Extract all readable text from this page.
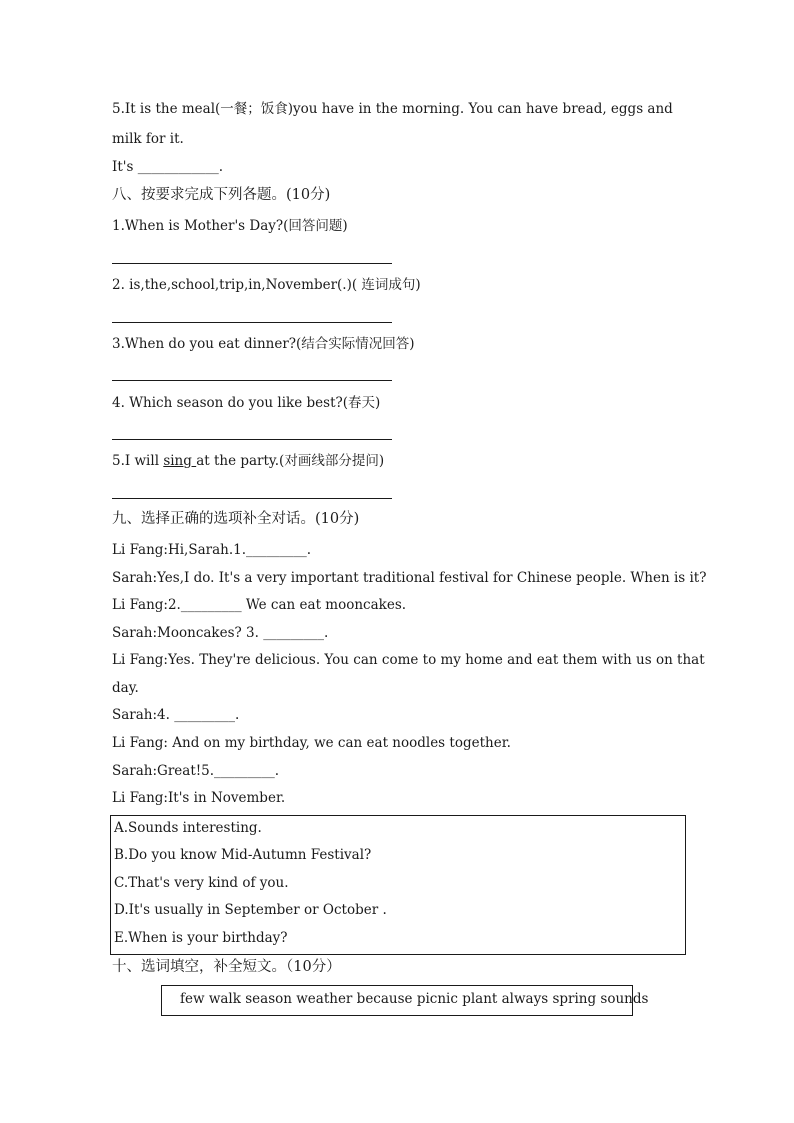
5.It is the meal(一餐；饭食)you have in the morning. You can have bread, eggs and
milk for it.
It's ____________.
八、按要求完成下列各题。(10分)
1.When is Mother's Day?(回答问题)
2. is,the,school,trip,in,November(.)( 连词成句)
3.When do you eat dinner?(结合实际情况回答)
4. Which season do you like best?(春天)
5.I will sing at the party.(对画线部分提问)
九、选择正确的选项补全对话。(10分)
Li Fang:Hi,Sarah.1._________.
Sarah:Yes,I do. It's a very important traditional festival for Chinese people. When is it?
Li Fang:2._________ We can eat mooncakes.
Sarah:Mooncakes? 3. _________.
Li Fang:Yes. They're delicious. You can come to my home and eat them with us on that
day.
Sarah:4. _________.
Li Fang: And on my birthday, we can eat noodles together.
Sarah:Great!5._________.
Li Fang:It's in November.
A.Sounds interesting.
B.Do you know Mid-Autumn Festival?
C.That's very kind of you.
D.It's usually in September or October .
E.When is your birthday?
十、选词填空，补全短文。（10分）
few walk season weather because picnic plant always spring sounds
